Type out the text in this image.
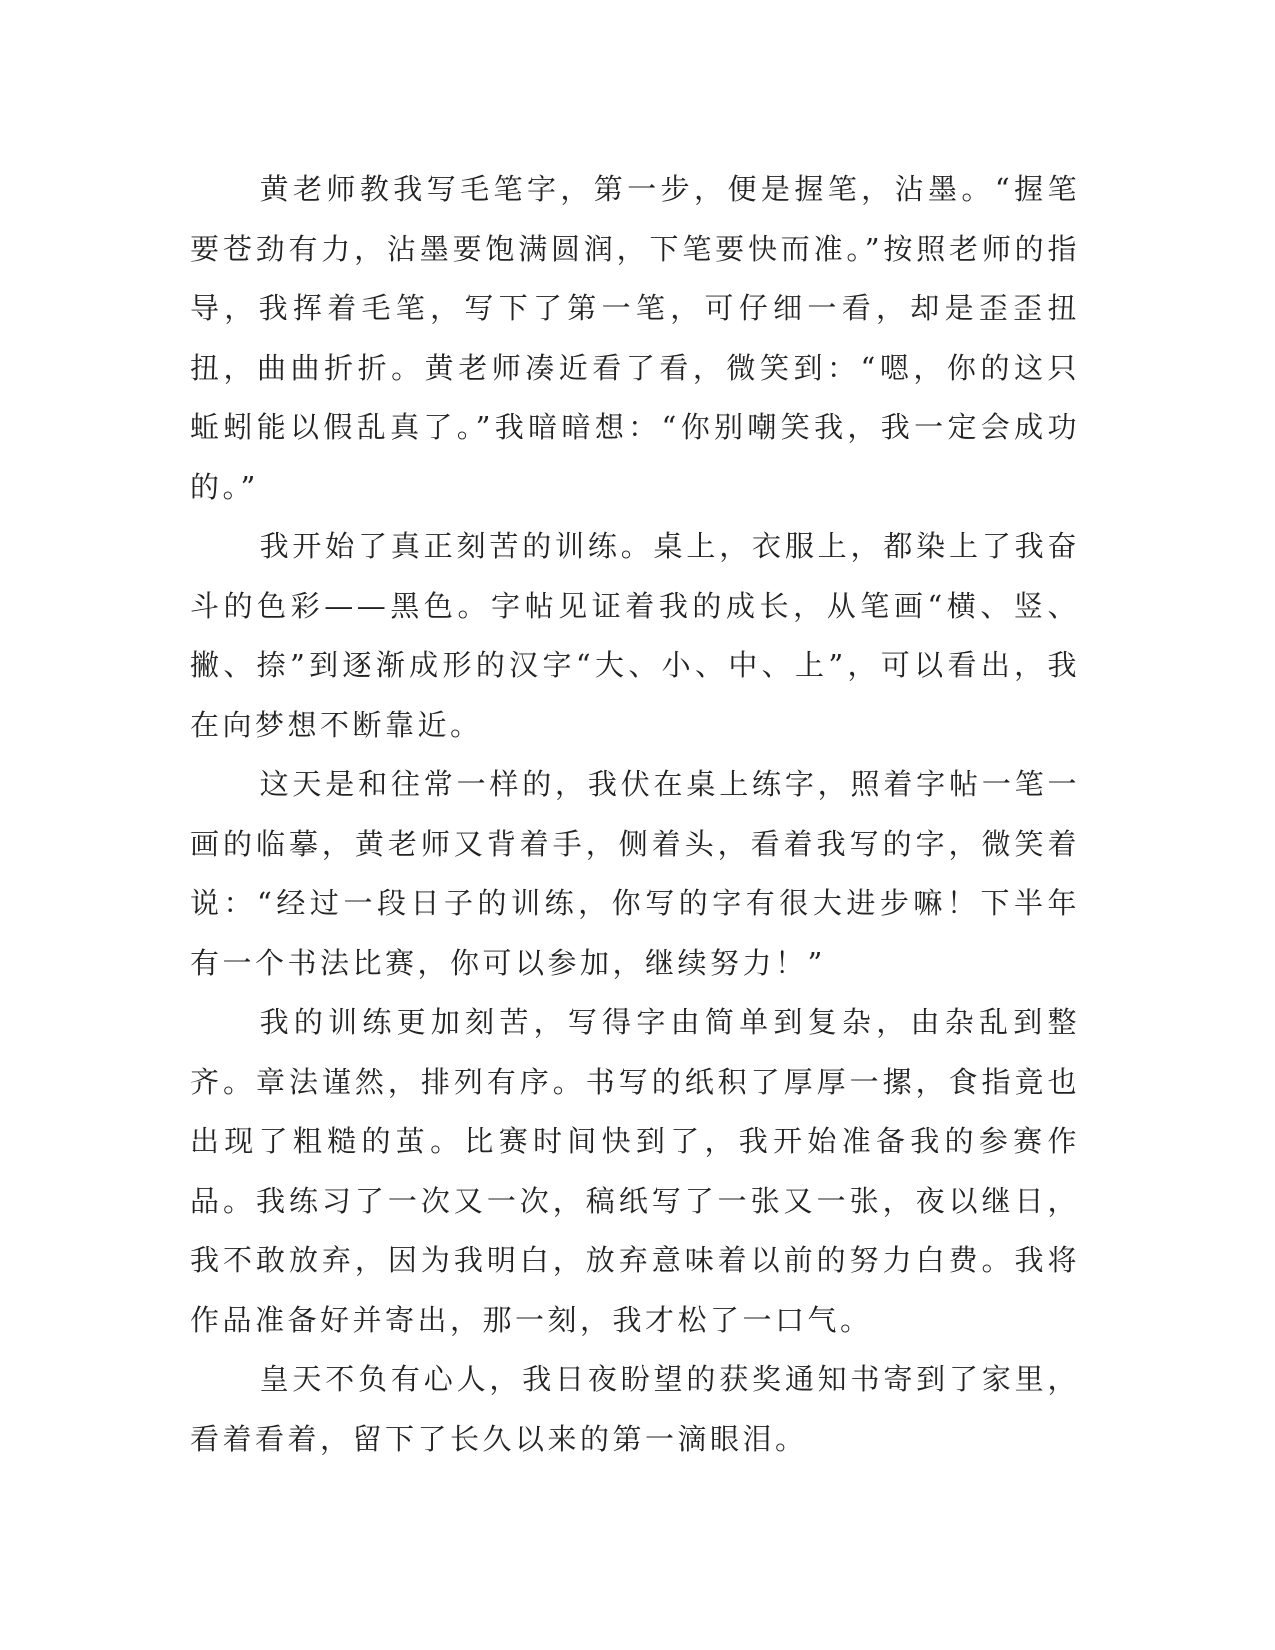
黄老师教我写毛笔字，第一步，便是握笔，沾墨。“握笔要苍劲有力，沾墨要饱满圆润，下笔要快而准。”按照老师的指导，我挥着毛笔，写下了第一笔，可仔细一看，却是歪歪扭扭，曲曲折折。黄老师凑近看了看，微笑到：“嗯，你的这只蚯蚓能以假乱真了。”我暗暗想：“你别嘲笑我，我一定会成功的。”

我开始了真正刻苦的训练。桌上，衣服上，都染上了我奋斗的色彩——黑色。字帖见证着我的成长，从笔画“横、竖、撇、捺”到逐渐成形的汉字“大、小、中、上”，可以看出，我在向梦想不断靠近。

这天是和往常一样的，我伏在桌上练字，照着字帖一笔一画的临摹，黄老师又背着手，侧着头，看着我写的字，微笑着说：“经过一段日子的训练，你写的字有很大进步嘛！下半年有一个书法比赛，你可以参加，继续努力！”

我的训练更加刻苦，写得字由简单到复杂，由杂乱到整齐。章法谨然，排列有序。书写的纸积了厚厚一摞，食指竟也出现了粗糙的茧。比赛时间快到了，我开始准备我的参赛作品。我练习了一次又一次，稿纸写了一张又一张，夜以继日，我不敢放弃，因为我明白，放弃意味着以前的努力白费。我将作品准备好并寄出，那一刻，我才松了一口气。

皇天不负有心人，我日夜盼望的获奖通知书寄到了家里，看着看着，留下了长久以来的第一滴眼泪。
